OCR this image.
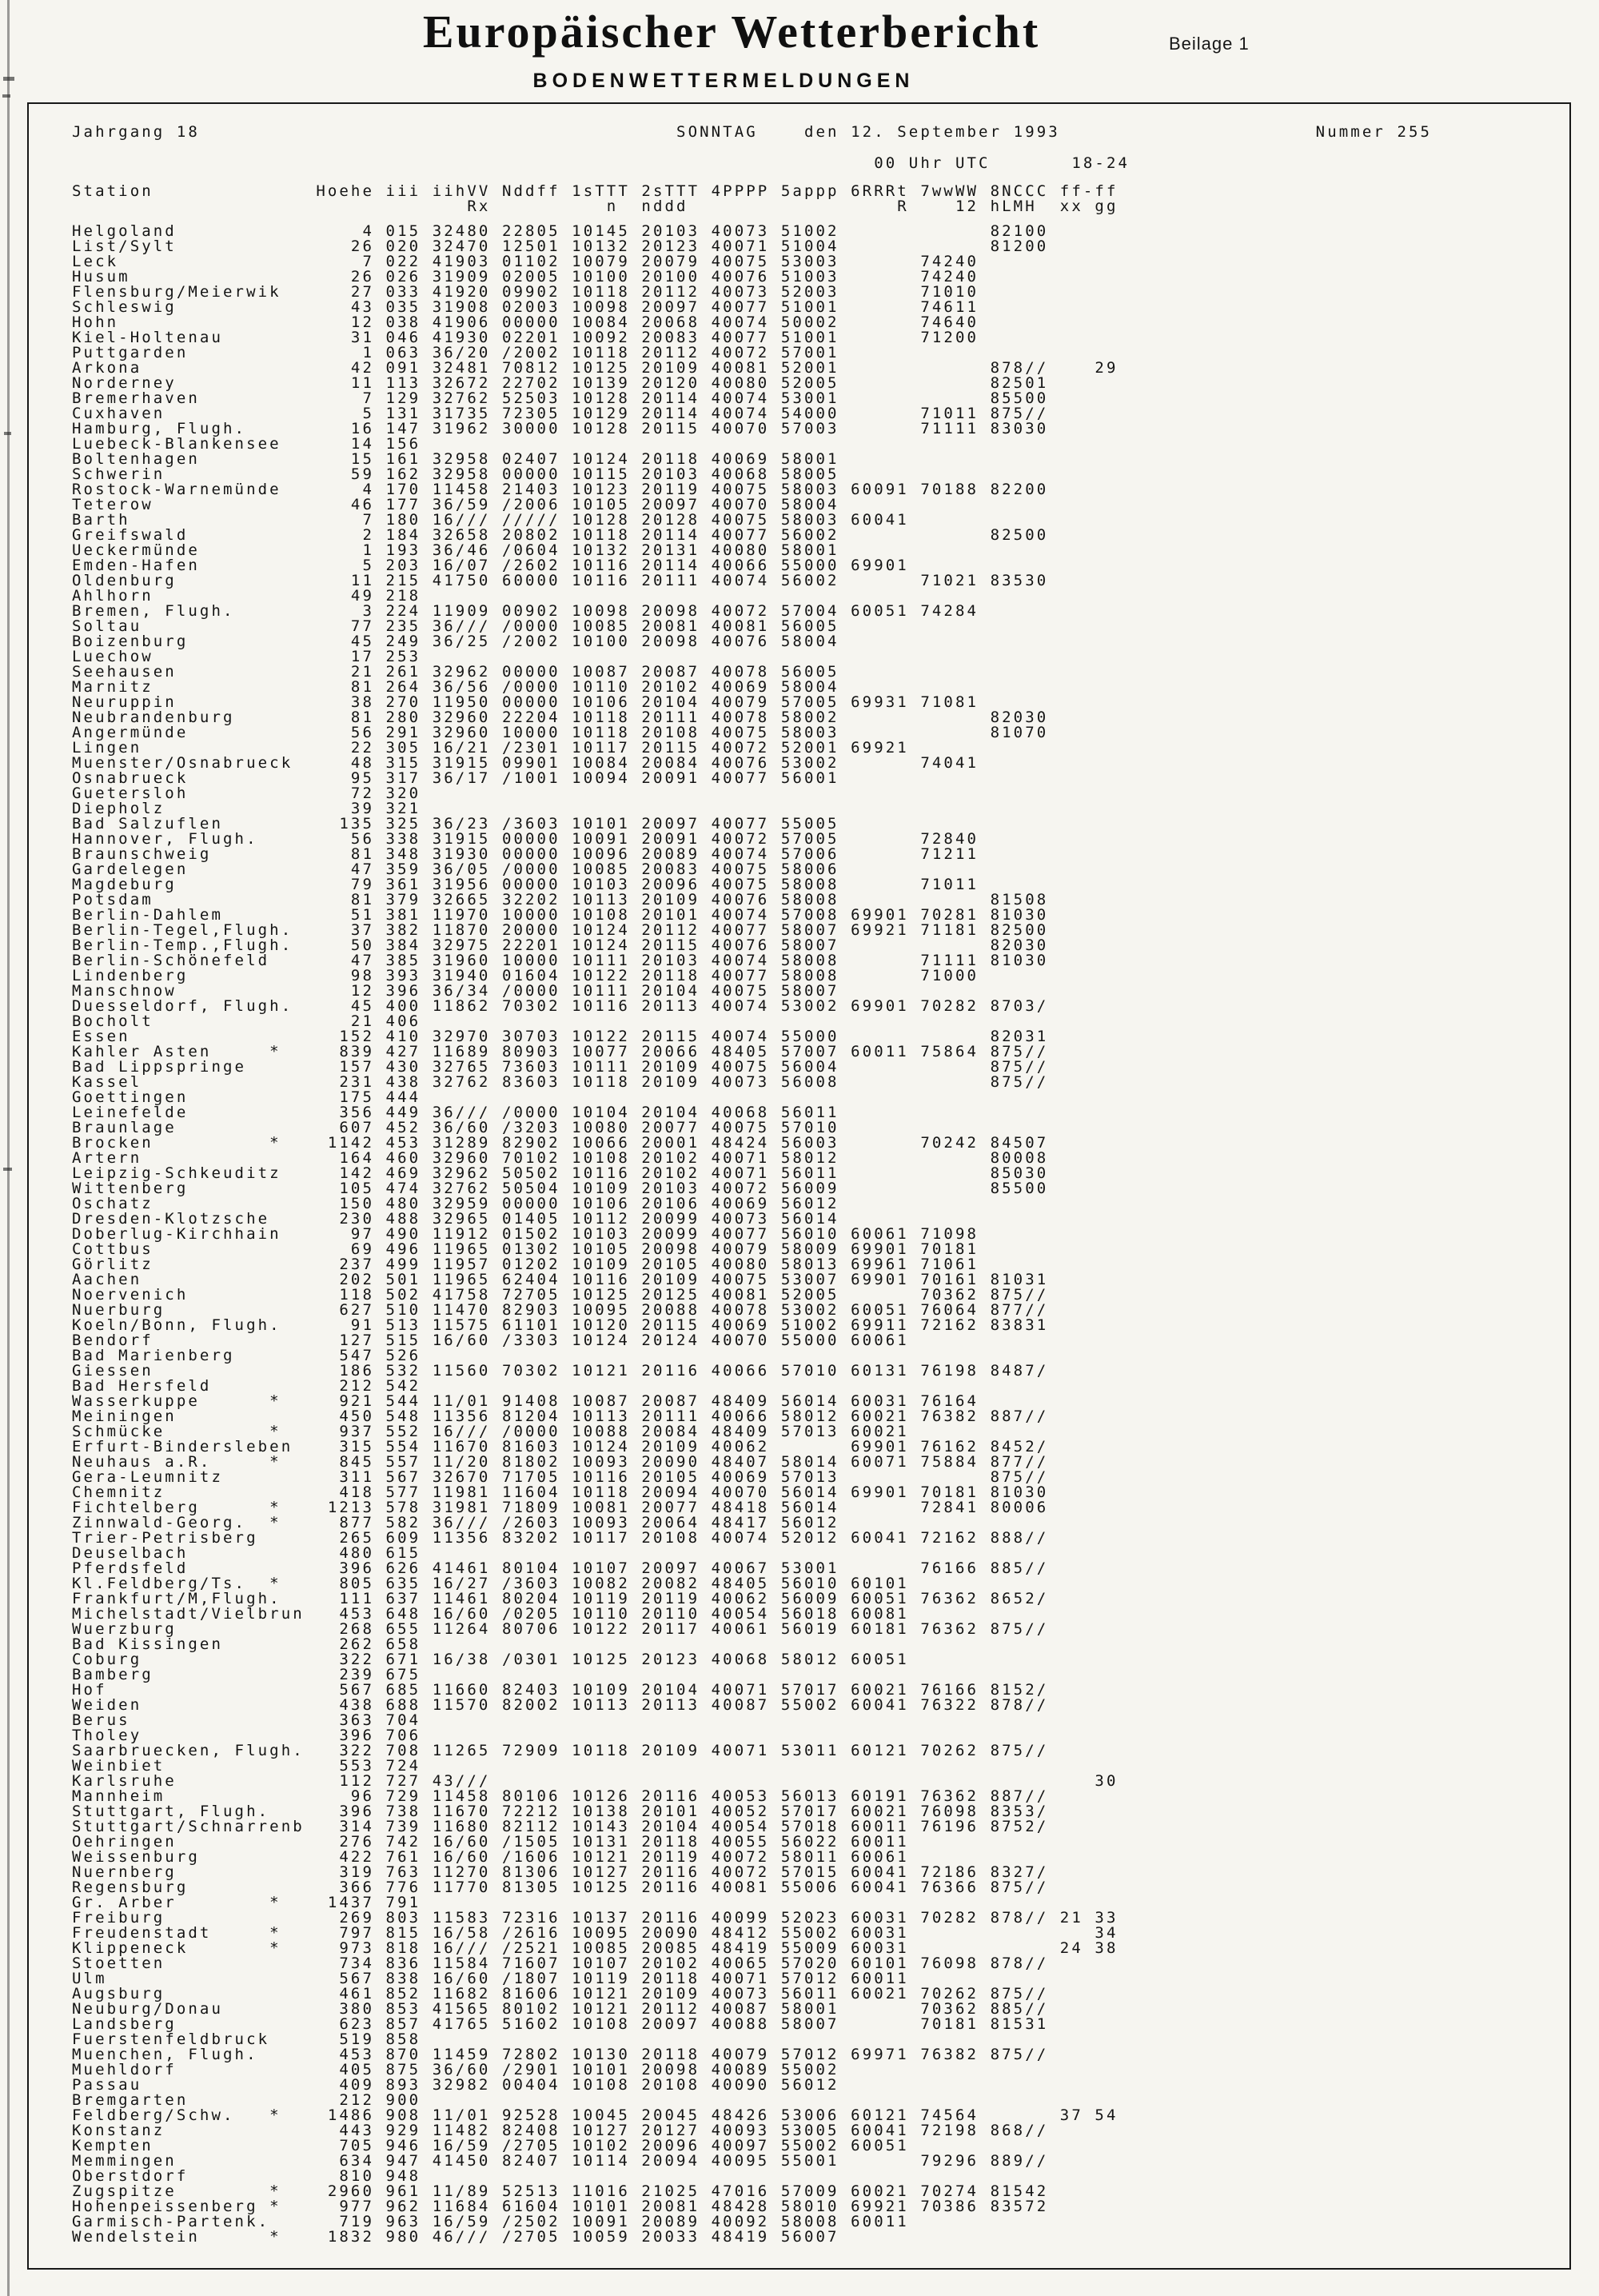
Europäischer Wetterbericht	Beilage 1
BODENWETTERMELDUNGEN
Jahrgang 18                                         SONNTAG    den 12. September 1993                      Nummer 255
00 Uhr UTC       18-24
Station              Hoehe iii iihVV Nddff 1sTTT 2sTTT 4PPPP 5appp 6RRRt 7wwWW 8NCCC ff-ff
Rx          n  nddd                  R    12 hLMH  xx gg
Helgoland                4 015 32480 22805 10145 20103 40073 51002             82100
List/Sylt               26 020 32470 12501 10132 20123 40071 51004             81200
Leck                     7 022 41903 01102 10079 20079 40075 53003       74240
Husum                   26 026 31909 02005 10100 20100 40076 51003       74240
Flensburg/Meierwik      27 033 41920 09902 10118 20112 40073 52003       71010
Schleswig               43 035 31908 02003 10098 20097 40077 51001       74611
Hohn                    12 038 41906 00000 10084 20068 40074 50002       74640
Kiel-Holtenau           31 046 41930 02201 10092 20083 40077 51001       71200
Puttgarden               1 063 36/20 /2002 10118 20112 40072 57001
Arkona                  42 091 32481 70812 10125 20109 40081 52001             878//    29
Norderney               11 113 32672 22702 10139 20120 40080 52005             82501
Bremerhaven              7 129 32762 52503 10128 20114 40074 53001             85500
Cuxhaven                 5 131 31735 72305 10129 20114 40074 54000       71011 875//
Hamburg, Flugh.         16 147 31962 30000 10128 20115 40070 57003       71111 83030
Luebeck-Blankensee      14 156
Boltenhagen             15 161 32958 02407 10124 20118 40069 58001
Schwerin                59 162 32958 00000 10115 20103 40068 58005
Rostock-Warnemünde       4 170 11458 21403 10123 20119 40075 58003 60091 70188 82200
Teterow                 46 177 36/59 /2006 10105 20097 40070 58004
Barth                    7 180 16/// ///// 10128 20128 40075 58003 60041
Greifswald               2 184 32658 20802 10118 20114 40077 56002             82500
Ueckermünde              1 193 36/46 /0604 10132 20131 40080 58001
Emden-Hafen              5 203 16/07 /2602 10116 20114 40066 55000 69901
Oldenburg               11 215 41750 60000 10116 20111 40074 56002       71021 83530
Ahlhorn                 49 218
Bremen, Flugh.           3 224 11909 00902 10098 20098 40072 57004 60051 74284
Soltau                  77 235 36/// /0000 10085 20081 40081 56005
Boizenburg              45 249 36/25 /2002 10100 20098 40076 58004
Luechow                 17 253
Seehausen               21 261 32962 00000 10087 20087 40078 56005
Marnitz                 81 264 36/56 /0000 10110 20102 40069 58004
Neuruppin               38 270 11950 00000 10106 20104 40079 57005 69931 71081
Neubrandenburg          81 280 32960 22204 10118 20111 40078 58002             82030
Angermünde              56 291 32960 10000 10118 20108 40075 58003             81070
Lingen                  22 305 16/21 /2301 10117 20115 40072 52001 69921
Muenster/Osnabrueck     48 315 31915 09901 10084 20084 40076 53002       74041
Osnabrueck              95 317 36/17 /1001 10094 20091 40077 56001
Guetersloh              72 320
Diepholz                39 321
Bad Salzuflen          135 325 36/23 /3603 10101 20097 40077 55005
Hannover, Flugh.        56 338 31915 00000 10091 20091 40072 57005       72840
Braunschweig            81 348 31930 00000 10096 20089 40074 57006       71211
Gardelegen              47 359 36/05 /0000 10085 20083 40075 58006
Magdeburg               79 361 31956 00000 10103 20096 40075 58008       71011
Potsdam                 81 379 32665 32202 10113 20109 40076 58008             81508
Berlin-Dahlem           51 381 11970 10000 10108 20101 40074 57008 69901 70281 81030
Berlin-Tegel,Flugh.     37 382 11870 20000 10124 20112 40077 58007 69921 71181 82500
Berlin-Temp.,Flugh.     50 384 32975 22201 10124 20115 40076 58007             82030
Berlin-Schönefeld       47 385 31960 10000 10111 20103 40074 58008       71111 81030
Lindenberg              98 393 31940 01604 10122 20118 40077 58008       71000
Manschnow               12 396 36/34 /0000 10111 20104 40075 58007
Duesseldorf, Flugh.     45 400 11862 70302 10116 20113 40074 53002 69901 70282 8703/
Bocholt                 21 406
Essen                  152 410 32970 30703 10122 20115 40074 55000             82031
Kahler Asten     *     839 427 11689 80903 10077 20066 48405 57007 60011 75864 875//
Bad Lippspringe        157 430 32765 73603 10111 20109 40075 56004             875//
Kassel                 231 438 32762 83603 10118 20109 40073 56008             875//
Goettingen             175 444
Leinefelde             356 449 36/// /0000 10104 20104 40068 56011
Braunlage              607 452 36/60 /3203 10080 20077 40075 57010
Brocken          *    1142 453 31289 82902 10066 20001 48424 56003       70242 84507
Artern                 164 460 32960 70102 10108 20102 40071 58012             80008
Leipzig-Schkeuditz     142 469 32962 50502 10116 20102 40071 56011             85030
Wittenberg             105 474 32762 50504 10109 20103 40072 56009             85500
Oschatz                150 480 32959 00000 10106 20106 40069 56012
Dresden-Klotzsche      230 488 32965 01405 10112 20099 40073 56014
Doberlug-Kirchhain      97 490 11912 01502 10103 20099 40077 56010 60061 71098
Cottbus                 69 496 11965 01302 10105 20098 40079 58009 69901 70181
Görlitz                237 499 11957 01202 10109 20105 40080 58013 69961 71061
Aachen                 202 501 11965 62404 10116 20109 40075 53007 69901 70161 81031
Noervenich             118 502 41758 72705 10125 20125 40081 52005       70362 875//
Nuerburg               627 510 11470 82903 10095 20088 40078 53002 60051 76064 877//
Koeln/Bonn, Flugh.      91 513 11575 61101 10120 20115 40069 51002 69911 72162 83831
Bendorf                127 515 16/60 /3303 10124 20124 40070 55000 60061
Bad Marienberg         547 526
Giessen                186 532 11560 70302 10121 20116 40066 57010 60131 76198 8487/
Bad Hersfeld           212 542
Wasserkuppe      *     921 544 11/01 91408 10087 20087 48409 56014 60031 76164
Meiningen              450 548 11356 81204 10113 20111 40066 58012 60021 76382 887//
Schmücke         *     937 552 16/// /0000 10088 20084 48409 57013 60021
Erfurt-Bindersleben    315 554 11670 81603 10124 20109 40062       69901 76162 8452/
Neuhaus a.R.     *     845 557 11/20 81802 10093 20090 48407 58014 60071 75884 877//
Gera-Leumnitz          311 567 32670 71705 10116 20105 40069 57013             875//
Chemnitz               418 577 11981 11604 10118 20094 40070 56014 69901 70181 81030
Fichtelberg      *    1213 578 31981 71809 10081 20077 48418 56014       72841 80006
Zinnwald-Georg.  *     877 582 36/// /2603 10093 20064 48417 56012
Trier-Petrisberg       265 609 11356 83202 10117 20108 40074 52012 60041 72162 888//
Deuselbach             480 615
Pferdsfeld             396 626 41461 80104 10107 20097 40067 53001       76166 885//
Kl.Feldberg/Ts.  *     805 635 16/27 /3603 10082 20082 48405 56010 60101
Frankfurt/M,Flugh.     111 637 11461 80204 10119 20119 40062 56009 60051 76362 8652/
Michelstadt/Vielbrun   453 648 16/60 /0205 10110 20110 40054 56018 60081
Wuerzburg              268 655 11264 80706 10122 20117 40061 56019 60181 76362 875//
Bad Kissingen          262 658
Coburg                 322 671 16/38 /0301 10125 20123 40068 58012 60051
Bamberg                239 675
Hof                    567 685 11660 82403 10109 20104 40071 57017 60021 76166 8152/
Weiden                 438 688 11570 82002 10113 20113 40087 55002 60041 76322 878//
Berus                  363 704
Tholey                 396 706
Saarbruecken, Flugh.   322 708 11265 72909 10118 20109 40071 53011 60121 70262 875//
Weinbiet               553 724
Karlsruhe              112 727 43///                                                    30
Mannheim                96 729 11458 80106 10126 20116 40053 56013 60191 76362 887//
Stuttgart, Flugh.      396 738 11670 72212 10138 20101 40052 57017 60021 76098 8353/
Stuttgart/Schnarrenb   314 739 11680 82112 10143 20104 40054 57018 60011 76196 8752/
Oehringen              276 742 16/60 /1505 10131 20118 40055 56022 60011
Weissenburg            422 761 16/60 /1606 10121 20119 40072 58011 60061
Nuernberg              319 763 11270 81306 10127 20116 40072 57015 60041 72186 8327/
Regensburg             366 776 11770 81305 10125 20116 40081 55006 60041 76366 875//
Gr. Arber        *    1437 791
Freiburg               269 803 11583 72316 10137 20116 40099 52023 60031 70282 878// 21 33
Freudenstadt     *     797 815 16/58 /2616 10095 20090 48412 55002 60031                34
Klippeneck       *     973 818 16/// /2521 10085 20085 48419 55009 60031             24 38
Stoetten               734 836 11584 71607 10107 20102 40065 57020 60101 76098 878//
Ulm                    567 838 16/60 /1807 10119 20118 40071 57012 60011
Augsburg               461 852 11682 81606 10121 20109 40073 56011 60021 70262 875//
Neuburg/Donau          380 853 41565 80102 10121 20112 40087 58001       70362 885//
Landsberg              623 857 41765 51602 10108 20097 40088 58007       70181 81531
Fuerstenfeldbruck      519 858
Muenchen, Flugh.       453 870 11459 72802 10130 20118 40079 57012 69971 76382 875//
Muehldorf              405 875 36/60 /2901 10101 20098 40089 55002
Passau                 409 893 32982 00404 10108 20108 40090 56012
Bremgarten             212 900
Feldberg/Schw.   *    1486 908 11/01 92528 10045 20045 48426 53006 60121 74564       37 54
Konstanz               443 929 11482 82408 10127 20127 40093 53005 60041 72198 868//
Kempten                705 946 16/59 /2705 10102 20096 40097 55002 60051
Memmingen              634 947 41450 82407 10114 20094 40095 55001       79296 889//
Oberstdorf             810 948
Zugspitze        *    2960 961 11/89 52513 11016 21025 47016 57009 60021 70274 81542
Hohenpeissenberg *     977 962 11684 61604 10101 20081 48428 58010 69921 70386 83572
Garmisch-Partenk.      719 963 16/59 /2502 10091 20089 40092 58008 60011
Wendelstein      *    1832 980 46/// /2705 10059 20033 48419 56007
